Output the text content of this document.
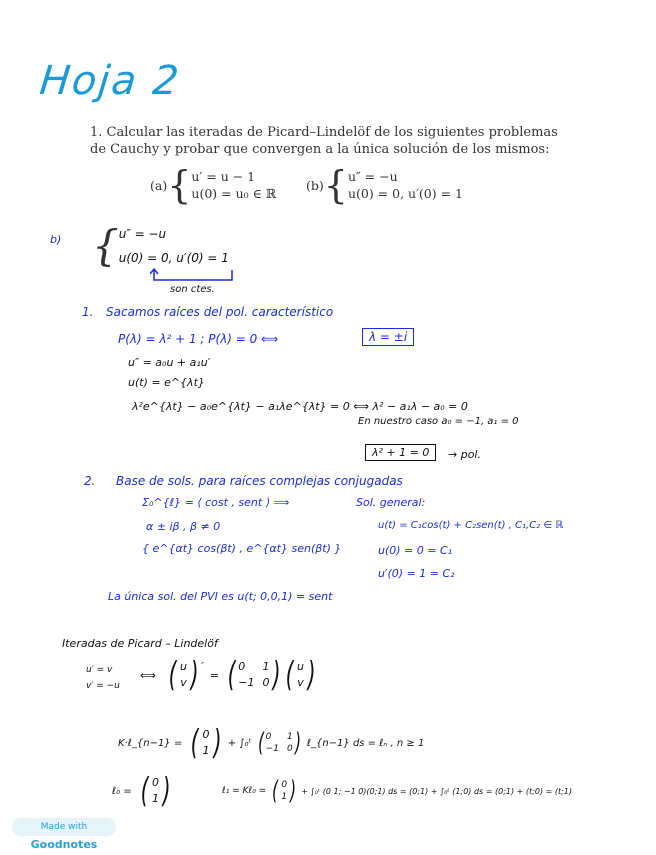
Hoja 2
1. Calcular las iteradas de Picard–Lindelöf de los siguientes problemas de Cauchy y probar que convergen a la única solución de los mismos:
(a) { u′ = u − 1
u(0) = u₀ ∈ ℝ
(b) { u″ = −u
u(0) = 0, u′(0) = 1
b) { u″ = −u
u(0) = 0, u′(0) = 1
son ctes.
1. Sacamos raíces del pol. característico
P(λ) = λ² + 1 ; P(λ) = 0 ⟺	λ = ±i
u″ = a₀u + a₁u′
u(t) = e^{λt}
λ²e^{λt} − a₀e^{λt} − a₁λe^{λt} = 0 ⟺ λ² − a₁λ − a₀ = 0
En nuestro caso a₀ = −1, a₁ = 0
λ² + 1 = 0	→ pol.
2. Base de sols. para raíces complejas conjugadas
Σ₀^{ℓ} = ⟨ cost , sent ⟩ ⟹
α ± iβ , β ≠ 0
{ e^{αt} cos(βt) , e^{αt} sen(βt) }
Sol. general:
u(t) = C₁cos(t) + C₂sen(t) , C₁,C₂ ∈ ℝ
u(0) = 0 = C₁
u′(0) = 1 = C₂
La única sol. del PVI es u(t; 0,0,1) = sent
Iteradas de Picard – Lindelöf
u′ = v
v′ = −u
⟺ ( u
v ) ′
= ( 0	1
−1 0 ) ( u
v )
K·ℓ_{n−1} = ( 0
1 ) + ∫₀ᵗ ( 0	1
−1 0 ) ℓ_{n−1} ds = ℓₙ , n ≥ 1
ℓ₀ = ( 0
1 )	ℓ₁ = Kℓ₀ = ( 0
1 ) + ∫₀ᵗ (0 1; −1 0)(0;1) ds = (0;1) + ∫₀ᵗ (1;0) ds = (0;1) + (t;0) = (t;1)
Made with Goodnotes
